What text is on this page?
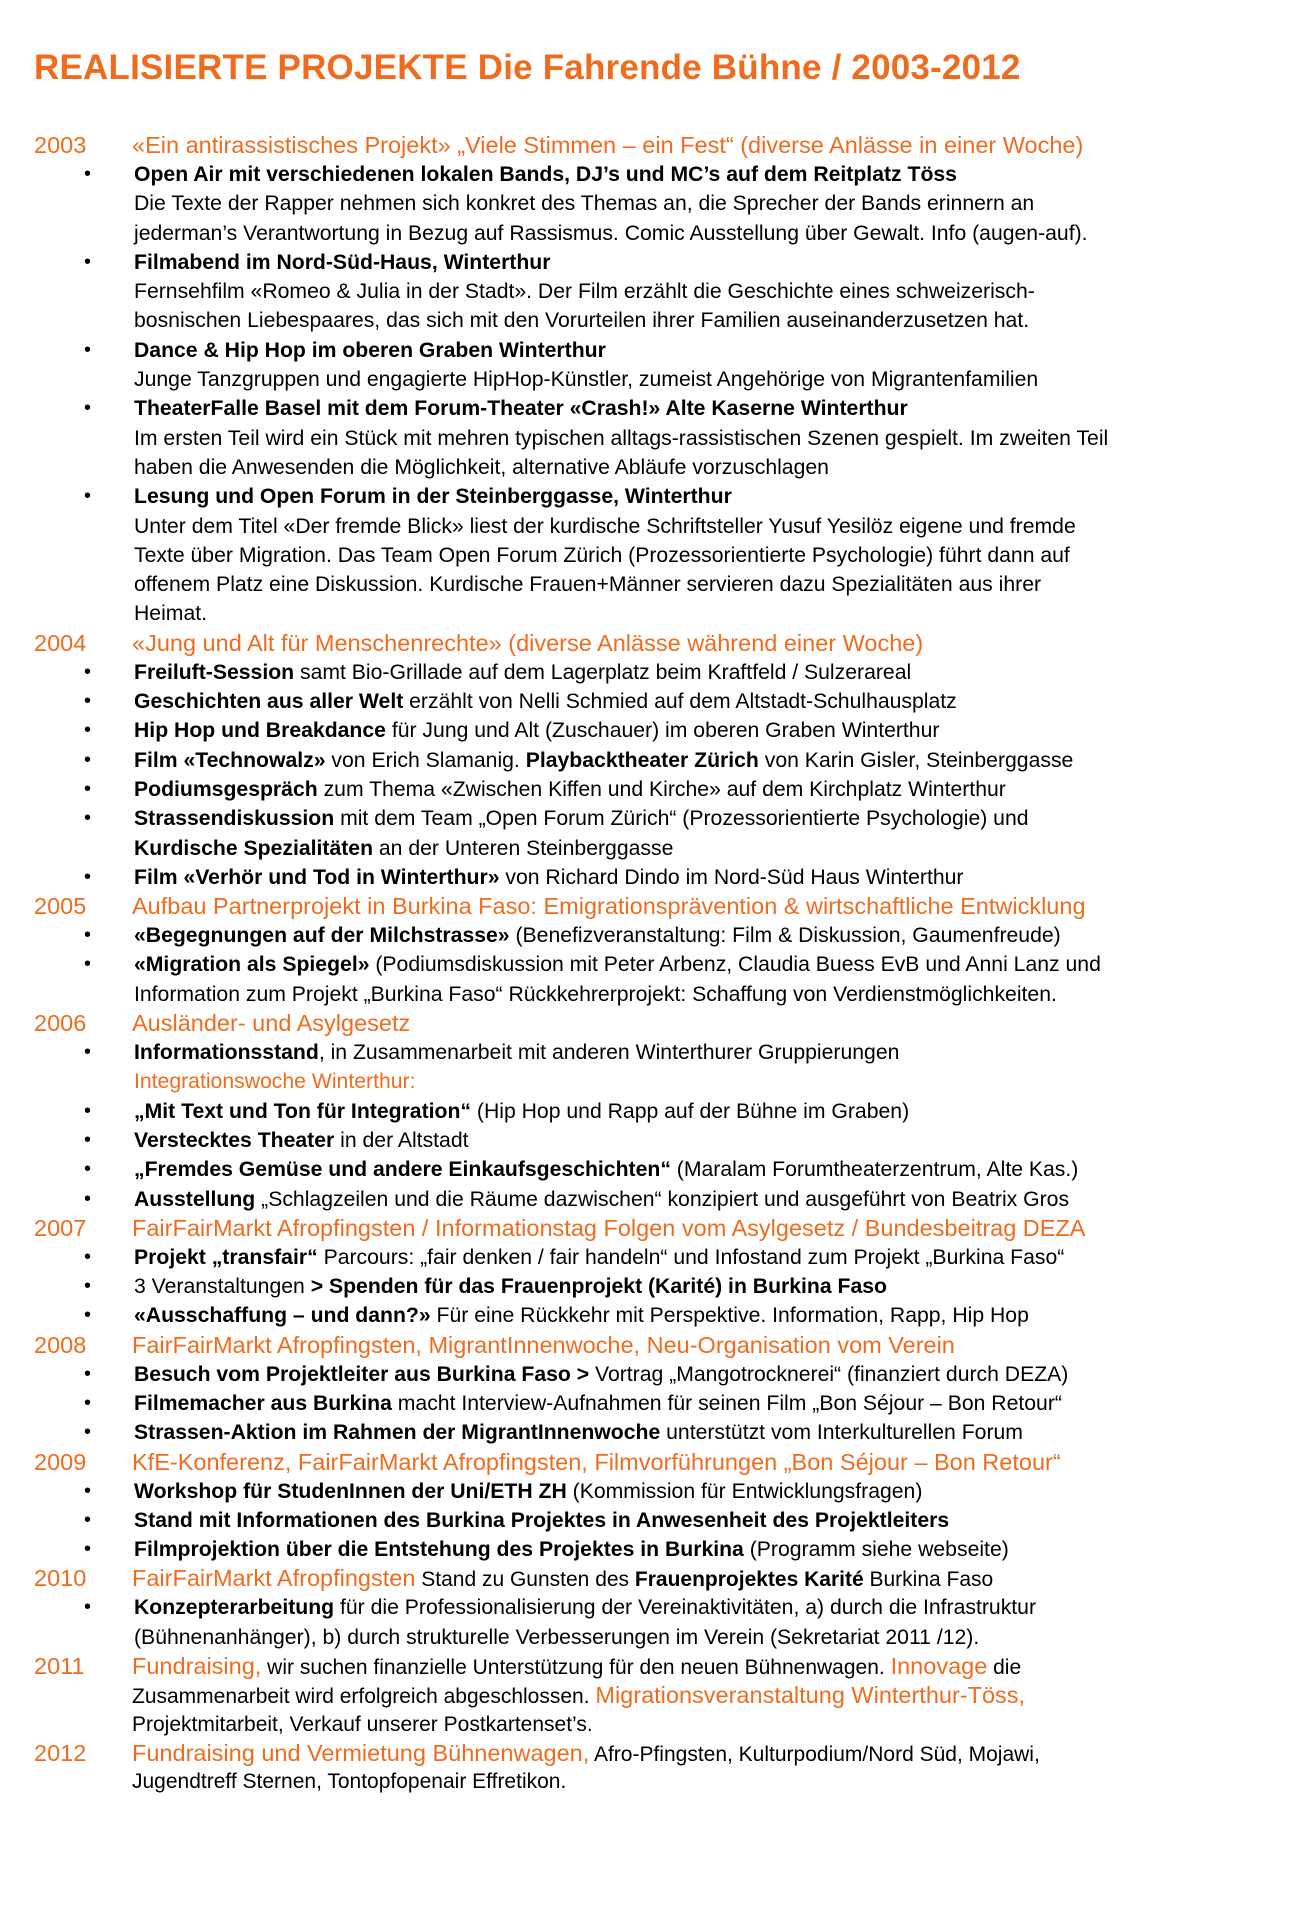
REALISIERTE PROJEKTE Die Fahrende Bühne / 2003-2012
2003 «Ein antirassistisches Projekt» „Viele Stimmen – ein Fest“ (diverse Anlässe in einer Woche)
• Open Air mit verschiedenen lokalen Bands, DJ’s und MC’s auf dem Reitplatz Töss
Die Texte der Rapper nehmen sich konkret des Themas an, die Sprecher der Bands erinnern an
jederman’s Verantwortung in Bezug auf Rassismus. Comic Ausstellung über Gewalt. Info (augen-auf).
• Filmabend im Nord-Süd-Haus, Winterthur
Fernsehfilm «Romeo & Julia in der Stadt». Der Film erzählt die Geschichte eines schweizerisch-
bosnischen Liebespaares, das sich mit den Vorurteilen ihrer Familien auseinanderzusetzen hat.
• Dance & Hip Hop im oberen Graben Winterthur
Junge Tanzgruppen und engagierte HipHop-Künstler, zumeist Angehörige von Migrantenfamilien
• TheaterFalle Basel mit dem Forum-Theater «Crash!» Alte Kaserne Winterthur
Im ersten Teil wird ein Stück mit mehren typischen alltags-rassistischen Szenen gespielt. Im zweiten Teil
haben die Anwesenden die Möglichkeit, alternative Abläufe vorzuschlagen
• Lesung und Open Forum in der Steinberggasse, Winterthur
Unter dem Titel «Der fremde Blick» liest der kurdische Schriftsteller Yusuf Yesilöz eigene und fremde
Texte über Migration. Das Team Open Forum Zürich (Prozessorientierte Psychologie) führt dann auf
offenem Platz eine Diskussion. Kurdische Frauen+Männer servieren dazu Spezialitäten aus ihrer
Heimat.
2004 «Jung und Alt für Menschenrechte» (diverse Anlässe während einer Woche)
• Freiluft-Session samt Bio-Grillade auf dem Lagerplatz beim Kraftfeld / Sulzerareal
• Geschichten aus aller Welt erzählt von Nelli Schmied auf dem Altstadt-Schulhausplatz
• Hip Hop und Breakdance für Jung und Alt (Zuschauer) im oberen Graben Winterthur
• Film «Technowalz» von Erich Slamanig. Playbacktheater Zürich von Karin Gisler, Steinberggasse
• Podiumsgespräch zum Thema «Zwischen Kiffen und Kirche» auf dem Kirchplatz Winterthur
• Strassendiskussion mit dem Team „Open Forum Zürich“ (Prozessorientierte Psychologie) und
Kurdische Spezialitäten an der Unteren Steinberggasse
• Film «Verhör und Tod in Winterthur» von Richard Dindo im Nord-Süd Haus Winterthur
2005 Aufbau Partnerprojekt in Burkina Faso: Emigrationsprävention & wirtschaftliche Entwicklung
• «Begegnungen auf der Milchstrasse» (Benefizveranstaltung: Film & Diskussion, Gaumenfreude)
• «Migration als Spiegel» (Podiumsdiskussion mit Peter Arbenz, Claudia Buess EvB und Anni Lanz und
Information zum Projekt „Burkina Faso“ Rückkehrerprojekt: Schaffung von Verdienstmöglichkeiten.
2006 Ausländer- und Asylgesetz
• Informationsstand, in Zusammenarbeit mit anderen Winterthurer Gruppierungen
Integrationswoche Winterthur:
• „Mit Text und Ton für Integration“ (Hip Hop und Rapp auf der Bühne im Graben)
• Verstecktes Theater in der Altstadt
• „Fremdes Gemüse und andere Einkaufsgeschichten“ (Maralam Forumtheaterzentrum, Alte Kas.)
• Ausstellung „Schlagzeilen und die Räume dazwischen“ konzipiert und ausgeführt von Beatrix Gros
2007 FairFairMarkt Afropfingsten / Informationstag Folgen vom Asylgesetz / Bundesbeitrag DEZA
• Projekt „transfair“ Parcours: „fair denken / fair handeln“ und Infostand zum Projekt „Burkina Faso“
• 3 Veranstaltungen > Spenden für das Frauenprojekt (Karité) in Burkina Faso
• «Ausschaffung – und dann?» Für eine Rückkehr mit Perspektive. Information, Rapp, Hip Hop
2008 FairFairMarkt Afropfingsten, MigrantInnenwoche, Neu-Organisation vom Verein
• Besuch vom Projektleiter aus Burkina Faso > Vortrag „Mangotrocknerei“ (finanziert durch DEZA)
• Filmemacher aus Burkina macht Interview-Aufnahmen für seinen Film „Bon Séjour – Bon Retour“
• Strassen-Aktion im Rahmen der MigrantInnenwoche unterstützt vom Interkulturellen Forum
2009 KfE-Konferenz, FairFairMarkt Afropfingsten, Filmvorführungen „Bon Séjour – Bon Retour“
• Workshop für StudenInnen der Uni/ETH ZH (Kommission für Entwicklungsfragen)
• Stand mit Informationen des Burkina Projektes in Anwesenheit des Projektleiters
• Filmprojektion über die Entstehung des Projektes in Burkina (Programm siehe webseite)
2010 FairFairMarkt Afropfingsten Stand zu Gunsten des Frauenprojektes Karité Burkina Faso
• Konzepterarbeitung für die Professionalisierung der Vereinaktivitäten, a) durch die Infrastruktur
(Bühnenanhänger), b) durch strukturelle Verbesserungen im Verein (Sekretariat 2011 /12).
2011 Fundraising, wir suchen finanzielle Unterstützung für den neuen Bühnenwagen. Innovage die
Zusammenarbeit wird erfolgreich abgeschlossen. Migrationsveranstaltung Winterthur-Töss,
Projektmitarbeit, Verkauf unserer Postkartenset’s.
2012 Fundraising und Vermietung Bühnenwagen, Afro-Pfingsten, Kulturpodium/Nord Süd, Mojawi,
Jugendtreff Sternen, Tontopfopenair Effretikon.
